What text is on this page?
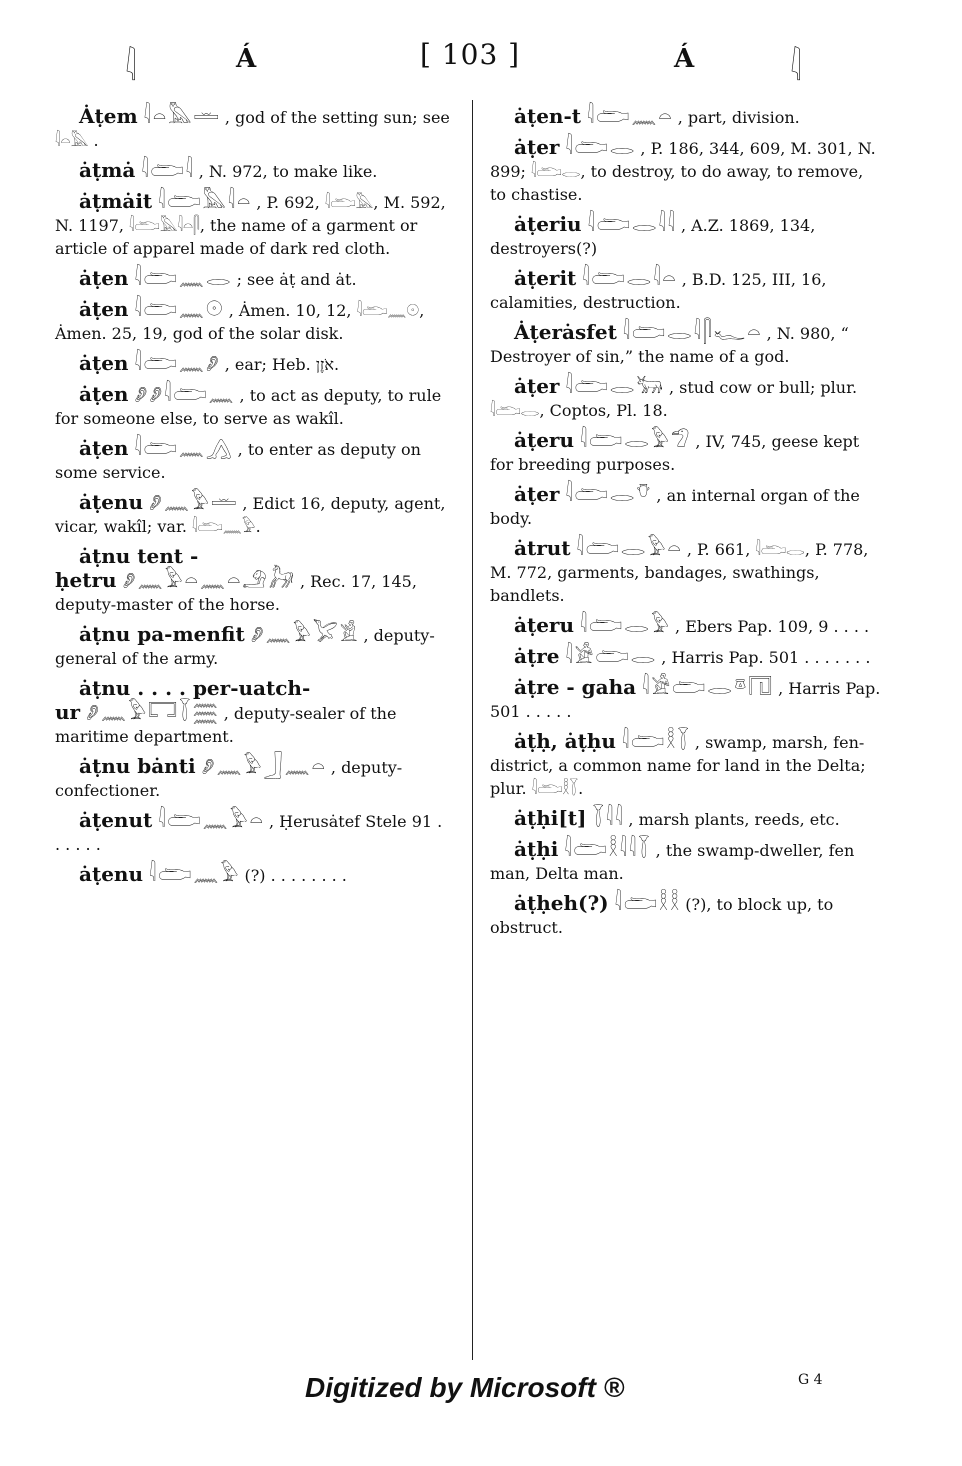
𓇋	Á	[ 103 ]	Á	𓇋

Ȧṭem 𓇋𓏏𓅓𓏛 , god of the setting sun; see 𓇋𓏏𓅓 .

ȧṭmȧ 𓇋𓂧𓇋 , N. 972, to make like.

ȧṭmȧit 𓇋𓂧𓅓𓇋𓏏 , P. 692, 𓇋𓂧𓅓, M. 592, N. 1197, 𓇋𓂧𓅓𓇋𓏏𓋴, the name of a garment or article of apparel made of dark red cloth.

ȧṭen 𓇋𓂧𓈖𓂋 ; see ȧṭ and ȧt.

ȧṭen 𓇋𓂧𓈖𓇳 , Ȧmen. 10, 12, 𓇋𓂧𓈖𓇳, Ȧmen. 25, 19, god of the solar disk.

ȧṭen 𓇋𓂧𓈖𓂈 , ear; Heb. אֹזֶן.

ȧṭen 𓂈𓂈𓇋𓂧𓈖 , to act as deputy, to rule for someone else, to serve as wakîl.

ȧṭen 𓇋𓂧𓈖𓂻 , to enter as deputy on some service.

ȧṭenu 𓂈𓈖𓅱𓏛 , Edict 16, deputy, agent, vicar, wakîl; var. 𓇋𓂧𓈖𓅱.

ȧṭnu tent - ḥetru 𓂈𓈖𓅱𓏏𓈖𓏏𓄂𓃗 , Rec. 17, 145, deputy-master of the horse.

ȧṭnu pa-menfit 𓂈𓈖𓅱𓅯𓀃 , deputy-general of the army.

ȧṭnu . . . . per-uatch-ur 𓂈𓈖𓅱𓉐𓇅𓈗 , deputy-sealer of the maritime department.

ȧṭnu bȧnti 𓂈𓈖𓅱𓃀𓈖𓏏 , deputy-confectioner.

ȧṭenut 𓇋𓂧𓈖𓅱𓏏 , Ḥerusȧtef Stele 91 . . . . . .

ȧṭenu 𓇋𓂧𓈖𓅱 (?) . . . . . . . .

ȧṭen-t 𓇋𓂧𓈖𓏏 , part, division.

ȧṭer 𓇋𓂧𓂋 , P. 186, 344, 609, M. 301, N. 899; 𓇋𓂧𓂋, to destroy, to do away, to remove, to chastise.

ȧṭeriu 𓇋𓂧𓂋𓇋𓇋 , A.Z. 1869, 134, destroyers(?)

ȧṭerit 𓇋𓂧𓂋𓇋𓏏 , B.D. 125, III, 16, calamities, destruction.

Ȧṭerȧsfet 𓇋𓂧𓂋𓇋𓋴𓆑𓏏 , N. 980, “ Destroyer of sin,” the name of a god.

ȧṭer 𓇋𓂧𓂋𓃒 , stud cow or bull; plur. 𓇋𓂧𓂋, Coptos, Pl. 18.

ȧṭeru 𓇋𓂧𓂋𓅱𓅿 , IV, 745, geese kept for breeding purposes.

ȧṭer 𓇋𓂧𓂋𓄣 , an internal organ of the body.

ȧtrut 𓇋𓂧𓂋𓅱𓏏 , P. 661, 𓇋𓂧𓂋, P. 778, M. 772, garments, bandages, swathings, bandlets.

ȧṭeru 𓇋𓂧𓂋𓅱 , Ebers Pap. 109, 9 . . . .

ȧṭre 𓇋𓀀𓂧𓂋 , Harris Pap. 501 . . . . . . .

ȧṭre - gaha 𓇋𓀀𓂧𓂋𓎼𓉔 , Harris Pap. 501 . . . . .

ȧṭḥ, ȧṭḥu 𓇋𓂧𓎛𓇅 , swamp, marsh, fen-district, a common name for land in the Delta; plur. 𓇋𓂧𓎛𓇅.

ȧṭḥi[t] 𓇅𓇋𓇋 , marsh plants, reeds, etc.

ȧṭḥi 𓇋𓂧𓎛𓇋𓇋𓇅 , the swamp-dweller, fen man, Delta man.

ȧṭḥeh(?) 𓇋𓂧𓎛𓎛 (?), to block up, to obstruct.

Digitized by Microsoft ®	G 4
